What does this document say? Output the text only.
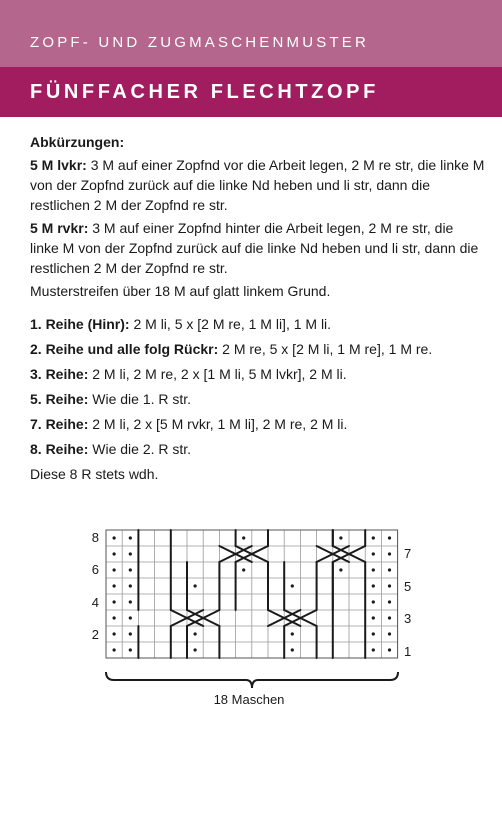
ZOPF- UND ZUGMASCHENMUSTER
FÜNFFACHER FLECHTZOPF

Abkürzungen:

5 M lvkr: 3 M auf einer Zopfnd vor die Arbeit legen, 2 M re str, die linke M von der Zopfnd zurück auf die linke Nd heben und li str, dann die restlichen 2 M der Zopfnd re str.

5 M rvkr: 3 M auf einer Zopfnd hinter die Arbeit legen, 2 M re str, die linke M von der Zopfnd zurück auf die linke Nd heben und li str, dann die restlichen 2 M der Zopfnd re str.

Musterstreifen über 18 M auf glatt linkem Grund.

1. Reihe (Hinr): 2 M li, 5 x [2 M re, 1 M li], 1 M li.

2. Reihe und alle folg Rückr: 2 M re, 5 x [2 M li, 1 M re], 1 M re.

3. Reihe: 2 M li, 2 M re, 2 x [1 M li, 5 M lvkr], 2 M li.

5. Reihe: Wie die 1. R str.

7. Reihe: 2 M li, 2 x [5 M rvkr, 1 M li], 2 M re, 2 M li.

8. Reihe: Wie die 2. R str.

Diese 8 R stets wdh.

8
6
4
2
7
5
3
1
18 Maschen
